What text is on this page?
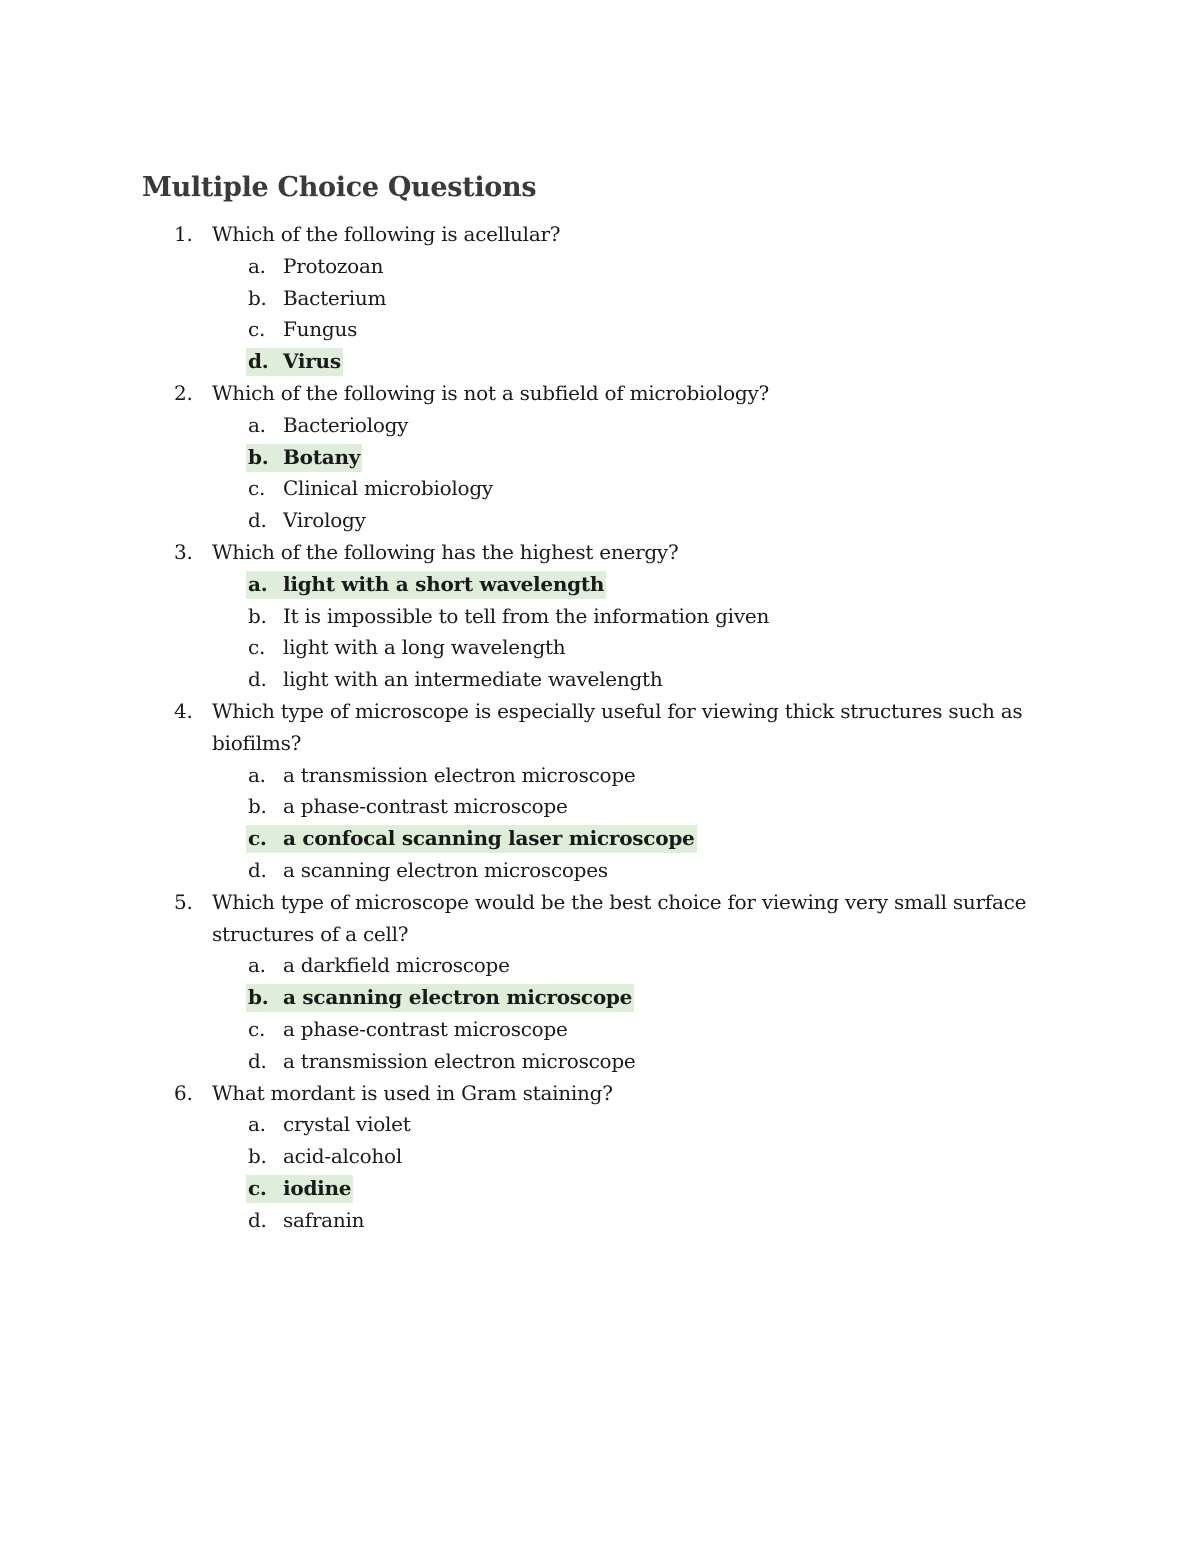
Multiple Choice Questions
1. Which of the following is acellular?
a. Protozoan
b. Bacterium
c. Fungus
d. Virus
2. Which of the following is not a subfield of microbiology?
a. Bacteriology
b. Botany
c. Clinical microbiology
d. Virology
3. Which of the following has the highest energy?
a. light with a short wavelength
b. It is impossible to tell from the information given
c. light with a long wavelength
d. light with an intermediate wavelength
4. Which type of microscope is especially useful for viewing thick structures such as
biofilms?
a. a transmission electron microscope
b. a phase-contrast microscope
c. a confocal scanning laser microscope
d. a scanning electron microscopes
5. Which type of microscope would be the best choice for viewing very small surface
structures of a cell?
a. a darkfield microscope
b. a scanning electron microscope
c. a phase-contrast microscope
d. a transmission electron microscope
6. What mordant is used in Gram staining?
a. crystal violet
b. acid-alcohol
c. iodine
d. safranin
